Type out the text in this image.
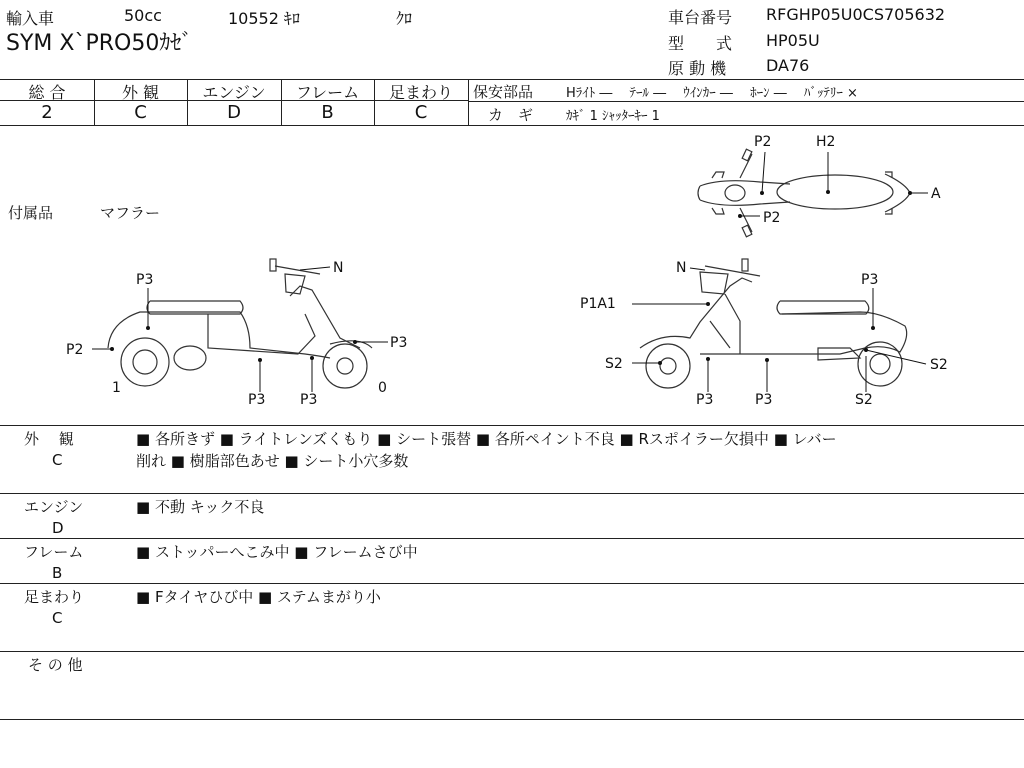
輸入車	50cc	10552 ｷﾛ	ｸﾛ
SYM X`PRO50ｶｾﾞ
車台番号 RFGHP05U0CS705632
型　　式 HP05U
原 動 機 DA76
総 合	外 観	エンジン	フレーム	足まわり
2	C	D	B	C
保安部品	Hﾗｲﾄ ―　 ﾃｰﾙ ―　 ｳｲﾝｶｰ ―　 ﾎｰﾝ ―　 ﾊﾞｯﾃﾘｰ ×
カ　ギ	ｶｷﾞ 1 ｼｬｯﾀｰｷｰ 1
付属品	マフラー
P2	H2
A
P2
N
P3
P2	P3
1
P3 P3
0
N
P1A1
P3
S2	S2
P3	P3	S2
外　 観
C
■ 各所きず ■ ライトレンズくもり ■ シート張替 ■ 各所ペイント不良 ■ Rスポイラー欠損中 ■ レバー
削れ ■ 樹脂部色あせ ■ シート小穴多数
エンジン
D
■ 不動 キック不良
フレーム
B
■ ストッパーへこみ中 ■ フレームさび中
足まわり
C
■ Fタイヤひび中 ■ ステムまがり小
そ の 他
